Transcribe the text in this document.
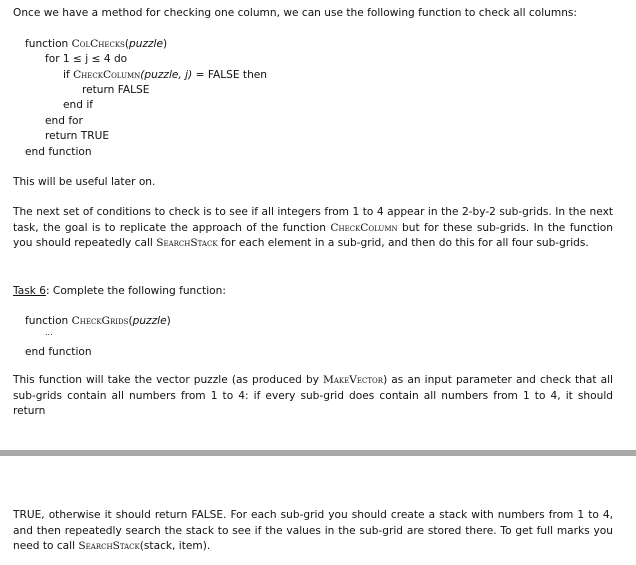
Once we have a method for checking one column, we can use the following function to check all columns:
function ColChecks(puzzle)
for 1 ≤ j ≤ 4 do
if CheckColumn(puzzle, j) = FALSE then
return FALSE
end if
end for
return TRUE
end function
This will be useful later on.
The next set of conditions to check is to see if all integers from 1 to 4 appear in the 2-by-2 sub-grids. In the next task, the goal is to replicate the approach of the function CheckColumn but for these sub-grids. In the function you should repeatedly call SearchStack for each element in a sub-grid, and then do this for all four sub-grids.
Task 6: Complete the following function:
function CheckGrids(puzzle)
...
end function
This function will take the vector puzzle (as produced by MakeVector) as an input parameter and check that all sub-grids contain all numbers from 1 to 4: if every sub-grid does contain all numbers from 1 to 4, it should return
TRUE, otherwise it should return FALSE. For each sub-grid you should create a stack with numbers from 1 to 4, and then repeatedly search the stack to see if the values in the sub-grid are stored there. To get full marks you need to call SearchStack(stack, item).
